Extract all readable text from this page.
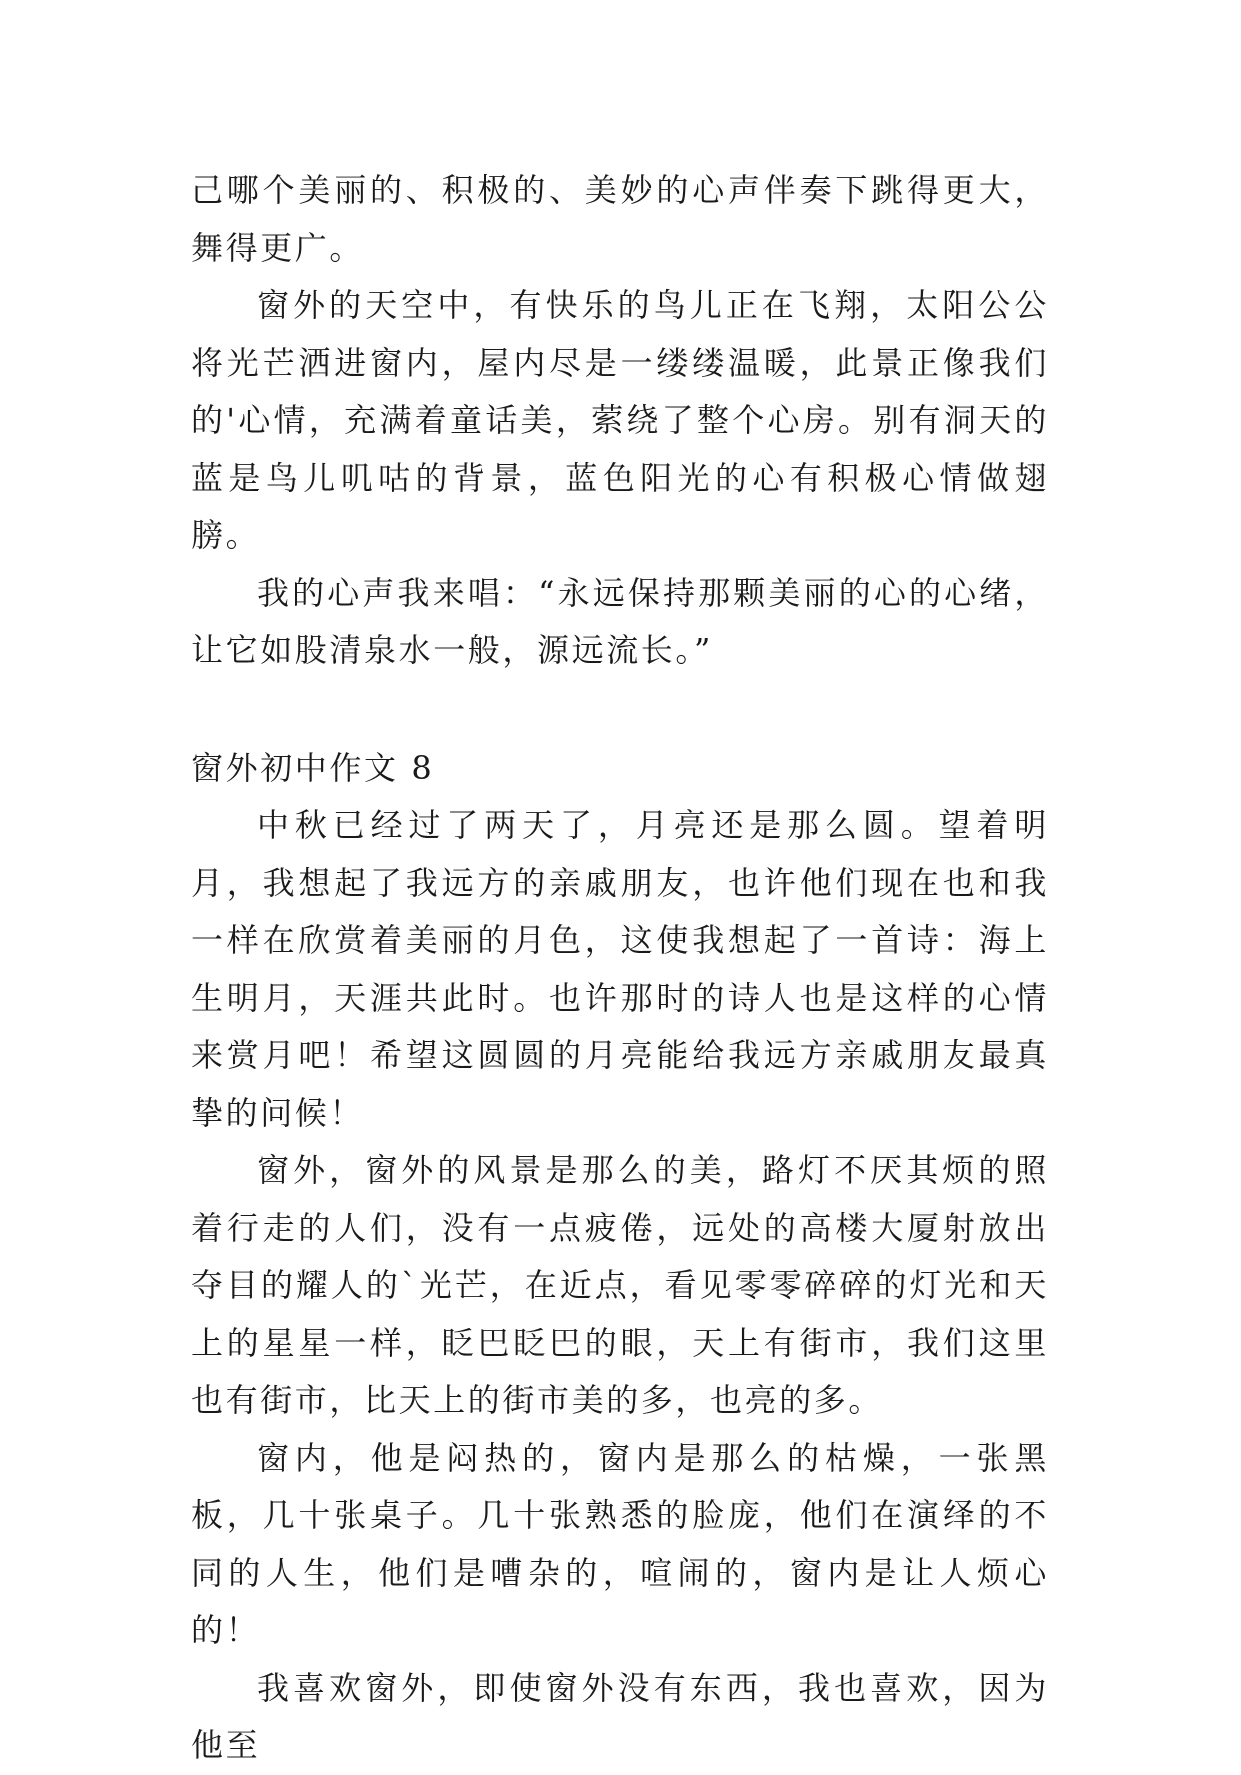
己哪个美丽的、积极的、美妙的心声伴奏下跳得更大，舞得更广。

窗外的天空中，有快乐的鸟儿正在飞翔，太阳公公将光芒洒进窗内，屋内尽是一缕缕温暖，此景正像我们的'心情，充满着童话美，萦绕了整个心房。别有洞天的蓝是鸟儿叽咕的背景，蓝色阳光的心有积极心情做翅膀。

我的心声我来唱：“永远保持那颗美丽的心的心绪，让它如股清泉水一般，源远流长。”

窗外初中作文 8

中秋已经过了两天了，月亮还是那么圆。望着明月，我想起了我远方的亲戚朋友，也许他们现在也和我一样在欣赏着美丽的月色，这使我想起了一首诗：海上生明月，天涯共此时。也许那时的诗人也是这样的心情来赏月吧！希望这圆圆的月亮能给我远方亲戚朋友最真挚的问候！

窗外，窗外的风景是那么的美，路灯不厌其烦的照着行走的人们，没有一点疲倦，远处的高楼大厦射放出夺目的耀人的`光芒，在近点，看见零零碎碎的灯光和天上的星星一样，眨巴眨巴的眼，天上有街市，我们这里也有街市，比天上的街市美的多，也亮的多。

窗内，他是闷热的，窗内是那么的枯燥，一张黑板，几十张桌子。几十张熟悉的脸庞，他们在演绎的不同的人生，他们是嘈杂的，喧闹的，窗内是让人烦心的！

我喜欢窗外，即使窗外没有东西，我也喜欢，因为他至
